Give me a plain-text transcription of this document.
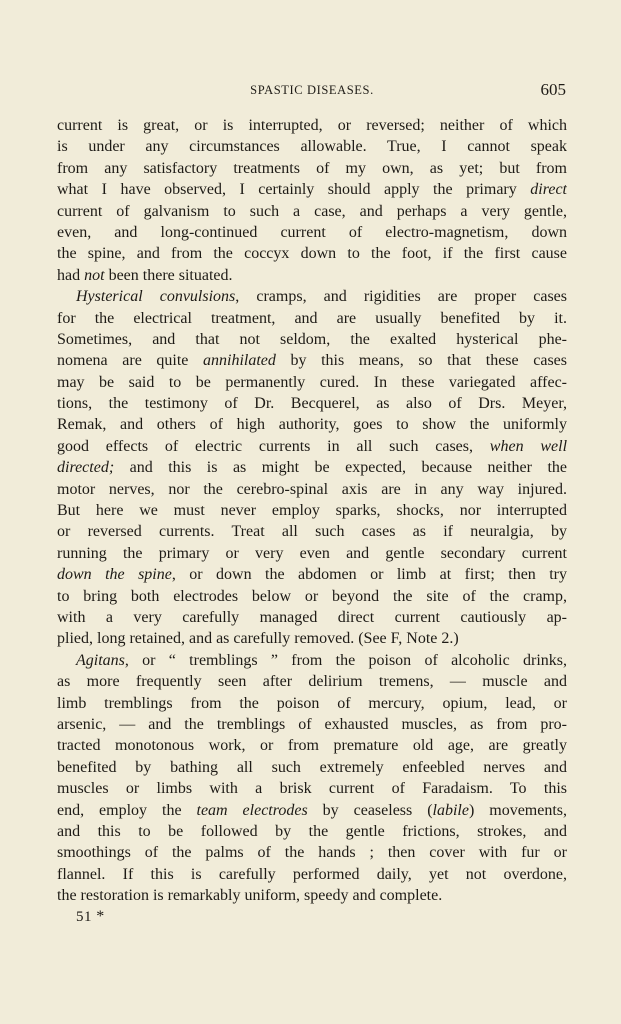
SPASTIC DISEASES.	605
current is great, or is interrupted, or reversed; neither of which
is under any circumstances allowable. True, I cannot speak
from any satisfactory treatments of my own, as yet; but from
what I have observed, I certainly should apply the primary direct
current of galvanism to such a case, and perhaps a very gentle,
even, and long-continued current of electro-magnetism, down
the spine, and from the coccyx down to the foot, if the first cause
had not been there situated.
Hysterical convulsions, cramps, and rigidities are proper cases
for the electrical treatment, and are usually benefited by it.
Sometimes, and that not seldom, the exalted hysterical phe-
nomena are quite annihilated by this means, so that these cases
may be said to be permanently cured. In these variegated affec-
tions, the testimony of Dr. Becquerel, as also of Drs. Meyer,
Remak, and others of high authority, goes to show the uniformly
good effects of electric currents in all such cases, when well
directed; and this is as might be expected, because neither the
motor nerves, nor the cerebro-spinal axis are in any way injured.
But here we must never employ sparks, shocks, nor interrupted
or reversed currents. Treat all such cases as if neuralgia, by
running the primary or very even and gentle secondary current
down the spine, or down the abdomen or limb at first; then try
to bring both electrodes below or beyond the site of the cramp,
with a very carefully managed direct current cautiously ap-
plied, long retained, and as carefully removed. (See F, Note 2.)
Agitans, or “ tremblings ” from the poison of alcoholic drinks,
as more frequently seen after delirium tremens, — muscle and
limb tremblings from the poison of mercury, opium, lead, or
arsenic, — and the tremblings of exhausted muscles, as from pro-
tracted monotonous work, or from premature old age, are greatly
benefited by bathing all such extremely enfeebled nerves and
muscles or limbs with a brisk current of Faradaism. To this
end, employ the team electrodes by ceaseless (labile) movements,
and this to be followed by the gentle frictions, strokes, and
smoothings of the palms of the hands ; then cover with fur or
flannel. If this is carefully performed daily, yet not overdone,
the restoration is remarkably uniform, speedy and complete.
51 *
